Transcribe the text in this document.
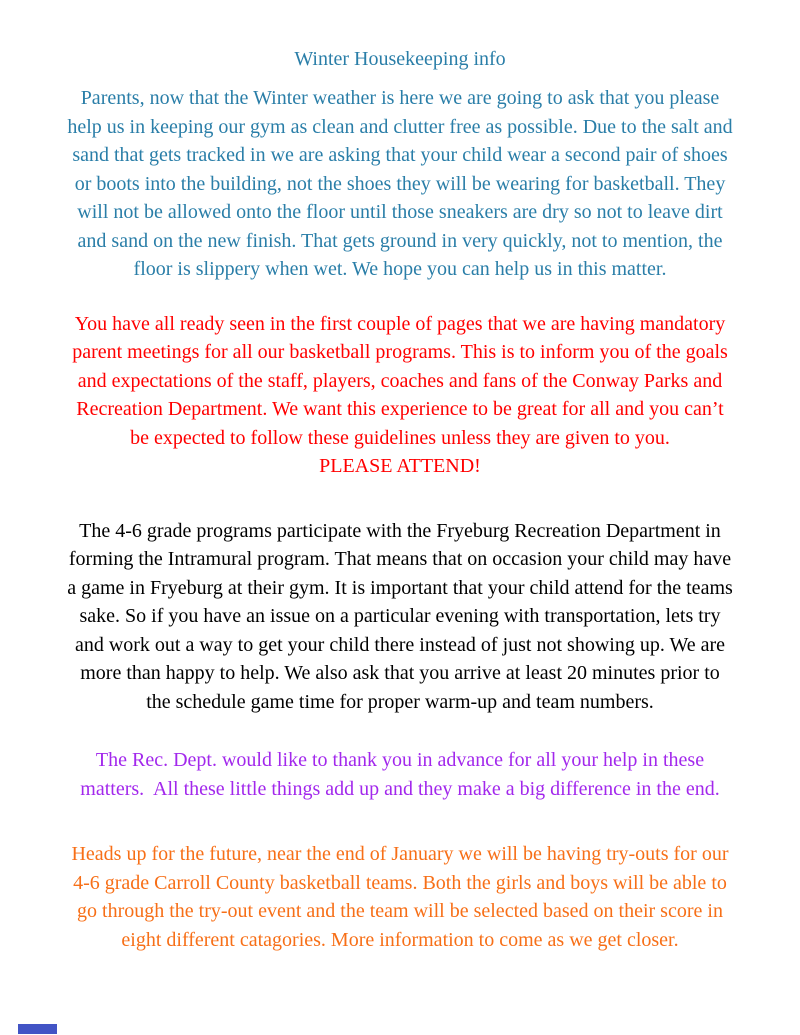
Winter Housekeeping info
Parents, now that the Winter weather is here we are going to ask that you please
help us in keeping our gym as clean and clutter free as possible. Due to the salt and
sand that gets tracked in we are asking that your child wear a second pair of shoes
or boots into the building, not the shoes they will be wearing for basketball. They
will not be allowed onto the floor until those sneakers are dry so not to leave dirt
and sand on the new finish. That gets ground in very quickly, not to mention, the
floor is slippery when wet. We hope you can help us in this matter.
You have all ready seen in the first couple of pages that we are having mandatory
parent meetings for all our basketball programs. This is to inform you of the goals
and expectations of the staff, players, coaches and fans of the Conway Parks and
Recreation Department. We want this experience to be great for all and you can’t
be expected to follow these guidelines unless they are given to you.
PLEASE ATTEND!
The 4-6 grade programs participate with the Fryeburg Recreation Department in
forming the Intramural program. That means that on occasion your child may have
a game in Fryeburg at their gym. It is important that your child attend for the teams
sake. So if you have an issue on a particular evening with transportation, lets try
and work out a way to get your child there instead of just not showing up. We are
more than happy to help. We also ask that you arrive at least 20 minutes prior to
the schedule game time for proper warm-up and team numbers.
The Rec. Dept. would like to thank you in advance for all your help in these
matters.  All these little things add up and they make a big difference in the end.
Heads up for the future, near the end of January we will be having try-outs for our
4-6 grade Carroll County basketball teams. Both the girls and boys will be able to
go through the try-out event and the team will be selected based on their score in
eight different catagories. More information to come as we get closer.
